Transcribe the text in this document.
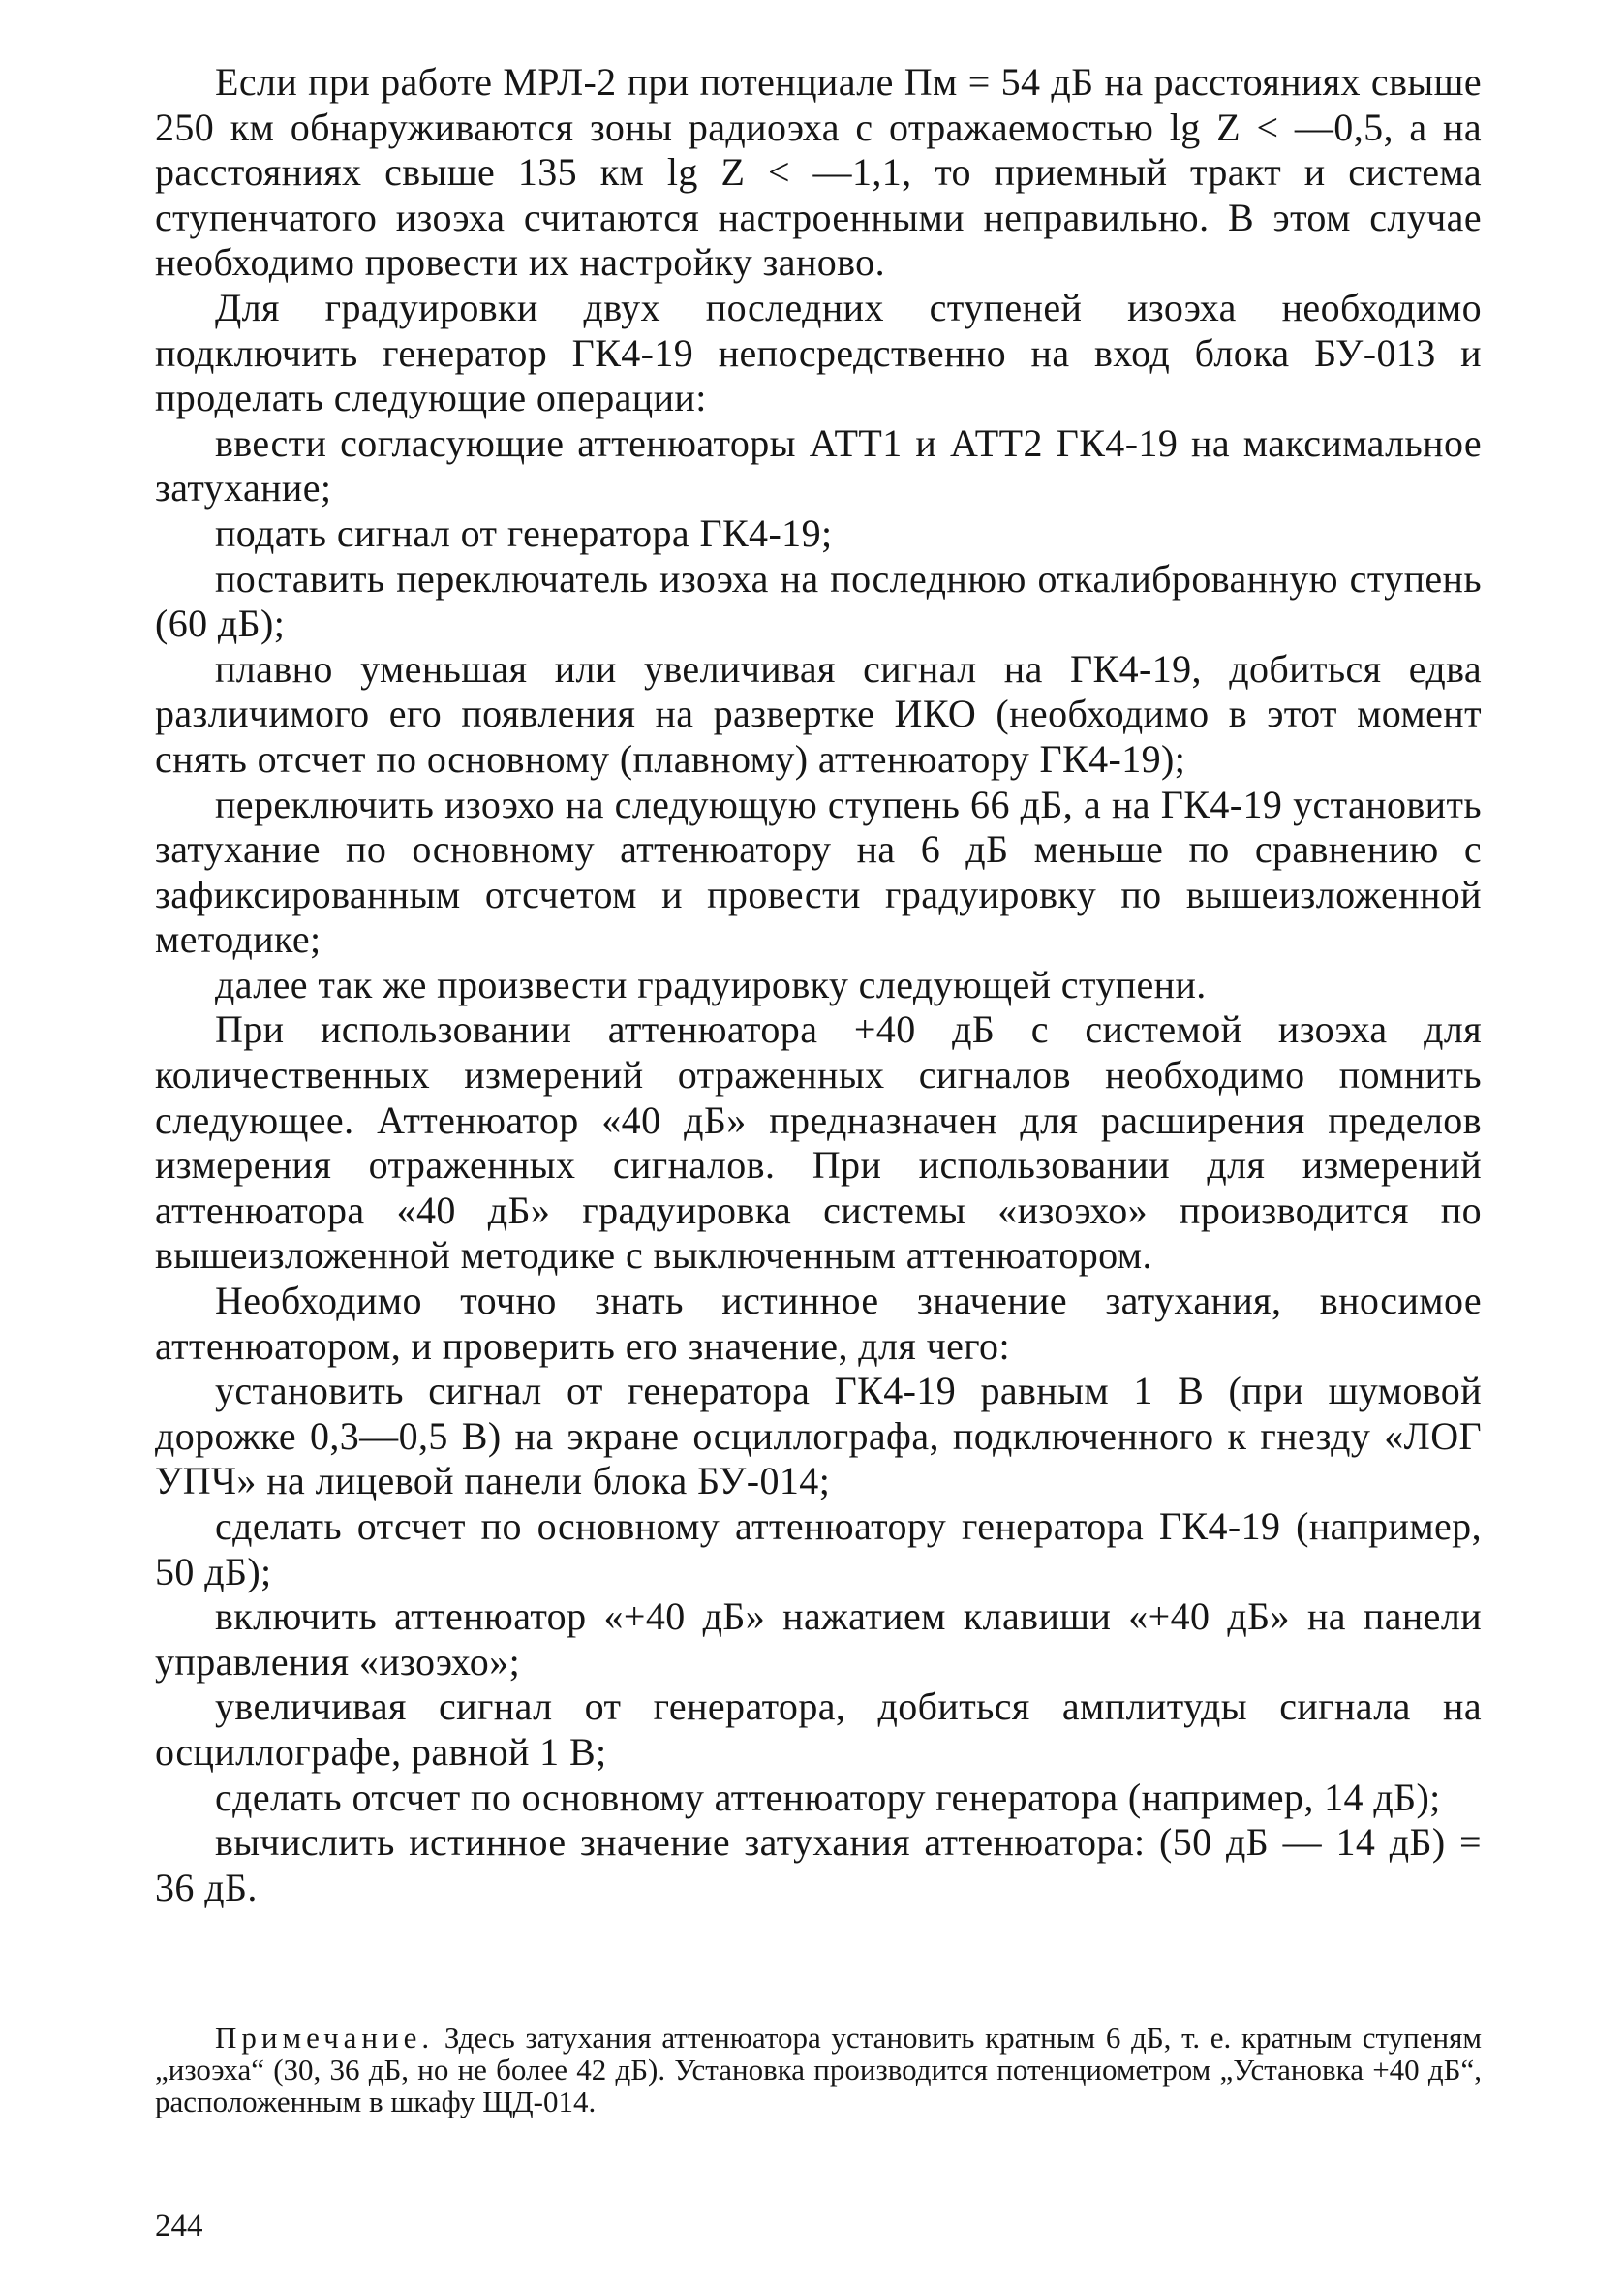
Если при работе МРЛ-2 при потенциале Пм = 54 дБ на расстояниях свыше 250 км обнаруживаются зоны радиоэха с отражаемостью lg Z < —0,5, а на расстояниях свыше 135 км lg Z < —1,1, то приемный тракт и система ступенчатого изоэха считаются настроенными неправильно. В этом случае необходимо провести их настройку заново.

Для градуировки двух последних ступеней изоэха необходимо подключить генератор ГК4-19 непосредственно на вход блока БУ-013 и проделать следующие операции:

ввести согласующие аттенюаторы АТТ1 и АТТ2 ГК4-19 на максимальное затухание;

подать сигнал от генератора ГК4-19;

поставить переключатель изоэха на последнюю откалиброванную ступень (60 дБ);

плавно уменьшая или увеличивая сигнал на ГК4-19, добиться едва различимого его появления на развертке ИКО (необходимо в этот момент снять отсчет по основному (плавному) аттенюатору ГК4-19);

переключить изоэхо на следующую ступень 66 дБ, а на ГК4-19 установить затухание по основному аттенюатору на 6 дБ меньше по сравнению с зафиксированным отсчетом и провести градуировку по вышеизложенной методике;

далее так же произвести градуировку следующей ступени.

При использовании аттенюатора +40 дБ с системой изоэха для количественных измерений отраженных сигналов необходимо помнить следующее. Аттенюатор «40 дБ» предназначен для расширения пределов измерения отраженных сигналов. При использовании для измерений аттенюатора «40 дБ» градуировка системы «изоэхо» производится по вышеизложенной методике с выключенным аттенюатором.

Необходимо точно знать истинное значение затухания, вносимое аттенюатором, и проверить его значение, для чего:

установить сигнал от генератора ГК4-19 равным 1 В (при шумовой дорожке 0,3—0,5 В) на экране осциллографа, подключенного к гнезду «ЛОГ УПЧ» на лицевой панели блока БУ-014;

сделать отсчет по основному аттенюатору генератора ГК4-19 (например, 50 дБ);

включить аттенюатор «+40 дБ» нажатием клавиши «+40 дБ» на панели управления «изоэхо»;

увеличивая сигнал от генератора, добиться амплитуды сигнала на осциллографе, равной 1 В;

сделать отсчет по основному аттенюатору генератора (например, 14 дБ);

вычислить истинное значение затухания аттенюатора: (50 дБ — 14 дБ) = 36 дБ.

Примечание. Здесь затухания аттенюатора установить кратным 6 дБ, т. е. кратным ступеням „изоэха“ (30, 36 дБ, но не более 42 дБ). Установка производится потенциометром „Установка +40 дБ“, расположенным в шкафу ЩД-014.

244
